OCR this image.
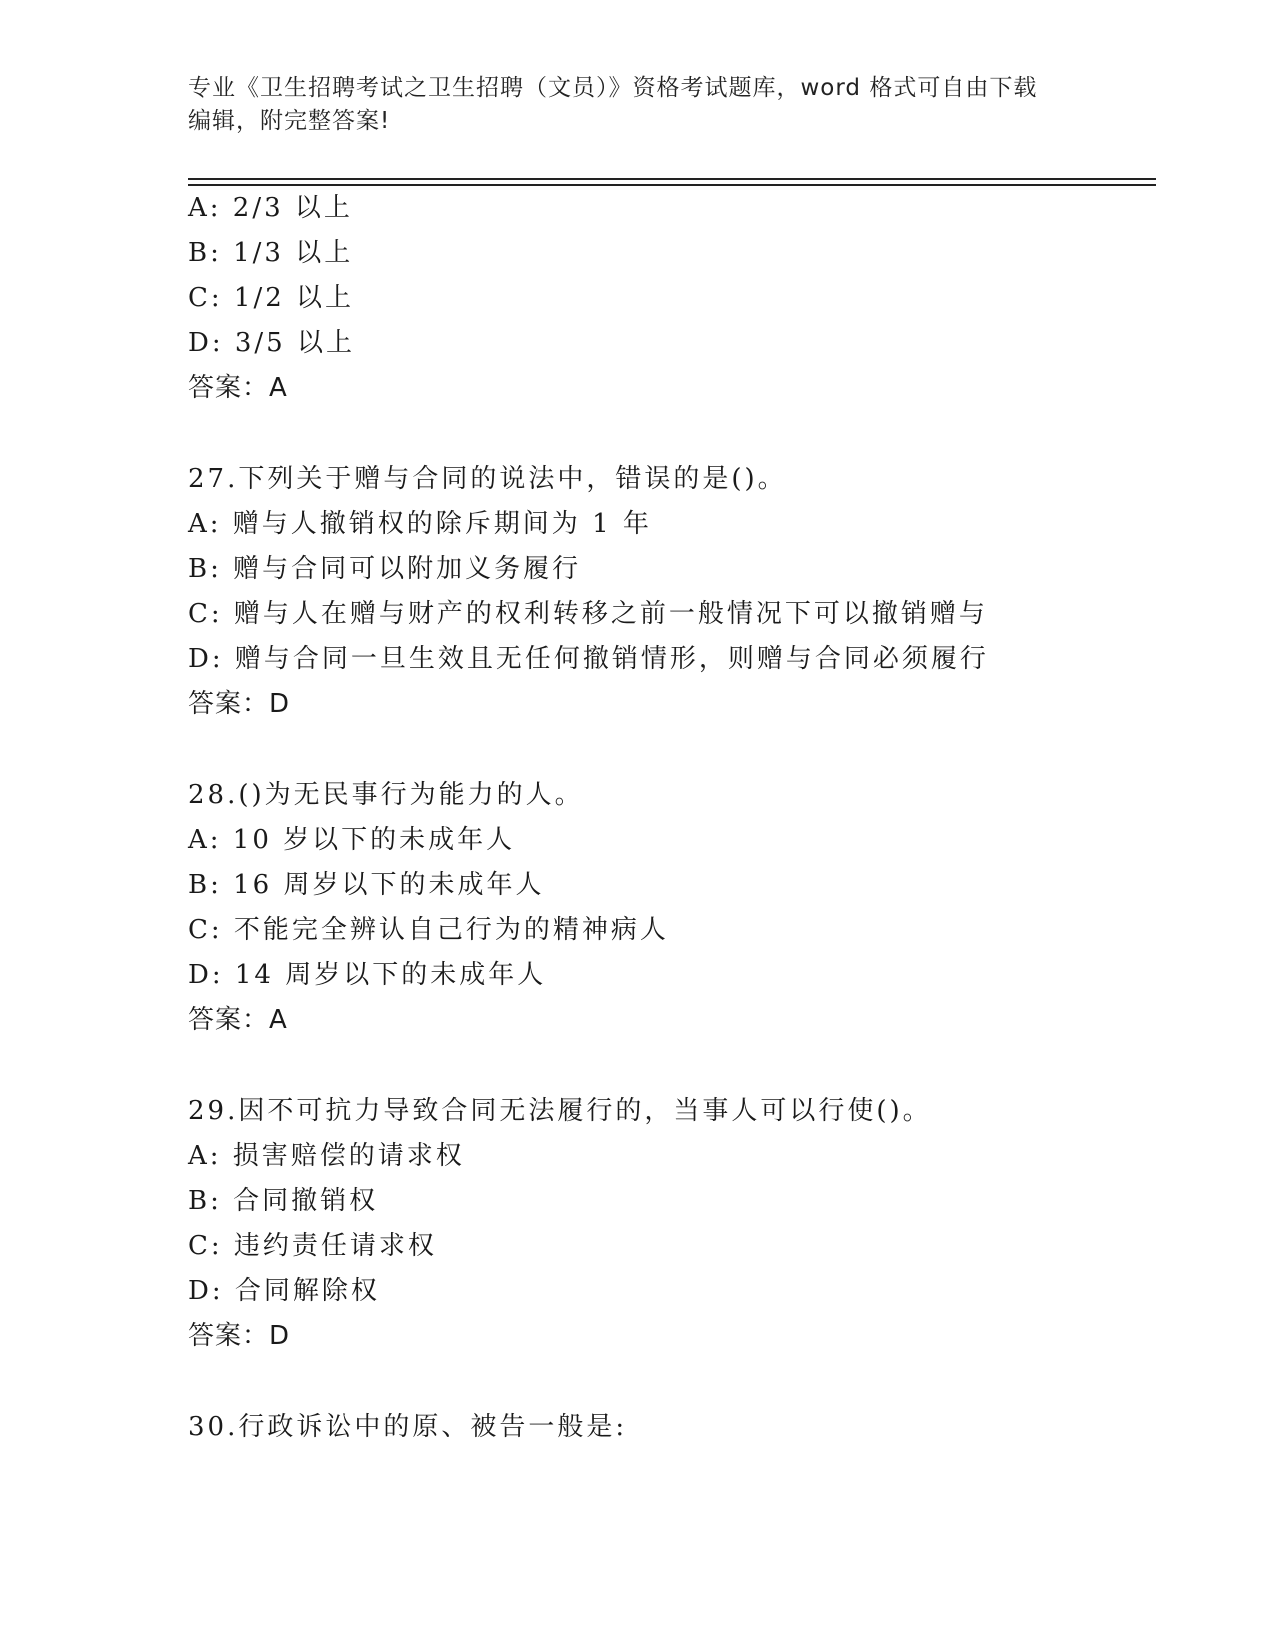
专业《卫生招聘考试之卫生招聘（文员）》资格考试题库，word 格式可自由下载
编辑，附完整答案!
A: 2/3 以上
B: 1/3 以上
C: 1/2 以上
D: 3/5 以上
答案：A
27.下列关于赠与合同的说法中，错误的是()。
A: 赠与人撤销权的除斥期间为 1 年
B: 赠与合同可以附加义务履行
C: 赠与人在赠与财产的权利转移之前一般情况下可以撤销赠与
D: 赠与合同一旦生效且无任何撤销情形，则赠与合同必须履行
答案：D
28.()为无民事行为能力的人。
A: 10 岁以下的未成年人
B: 16 周岁以下的未成年人
C: 不能完全辨认自己行为的精神病人
D: 14 周岁以下的未成年人
答案：A
29.因不可抗力导致合同无法履行的，当事人可以行使()。
A: 损害赔偿的请求权
B: 合同撤销权
C: 违约责任请求权
D: 合同解除权
答案：D
30.行政诉讼中的原、被告一般是:
